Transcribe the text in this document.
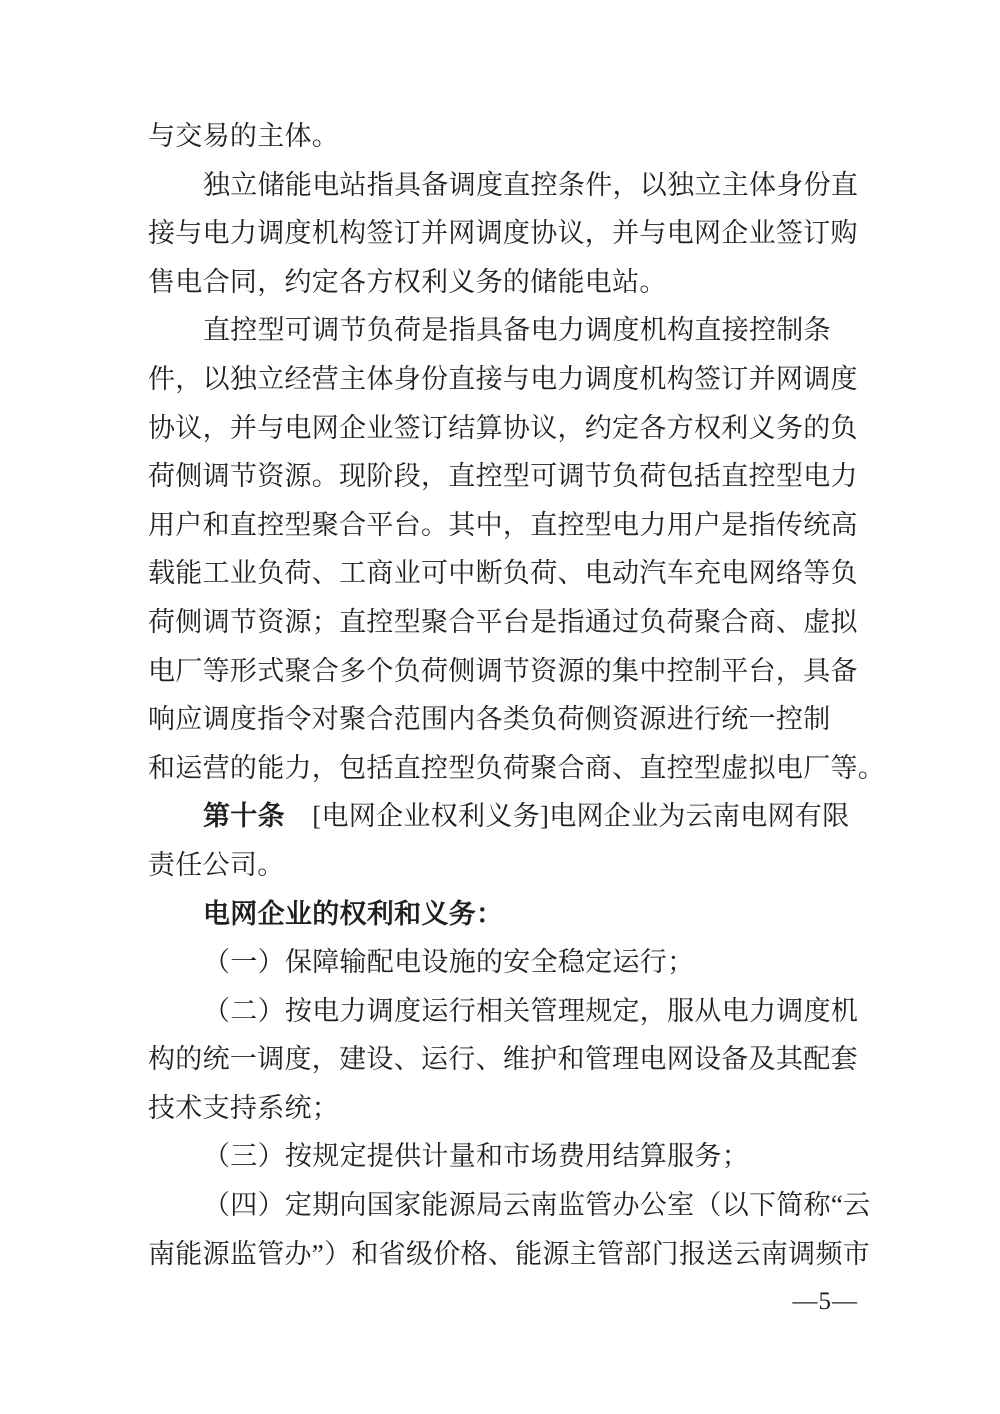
与交易的主体。
独立储能电站指具备调度直控条件，以独立主体身份直
接与电力调度机构签订并网调度协议，并与电网企业签订购
售电合同，约定各方权利义务的储能电站。
直控型可调节负荷是指具备电力调度机构直接控制条
件，以独立经营主体身份直接与电力调度机构签订并网调度
协议，并与电网企业签订结算协议，约定各方权利义务的负
荷侧调节资源。现阶段，直控型可调节负荷包括直控型电力
用户和直控型聚合平台。其中，直控型电力用户是指传统高
载能工业负荷、工商业可中断负荷、电动汽车充电网络等负
荷侧调节资源；直控型聚合平台是指通过负荷聚合商、虚拟
电厂等形式聚合多个负荷侧调节资源的集中控制平台，具备
响应调度指令对聚合范围内各类负荷侧资源进行统一控制
和运营的能力，包括直控型负荷聚合商、直控型虚拟电厂等。
第十条　[电网企业权利义务]电网企业为云南电网有限
责任公司。
电网企业的权利和义务：
（一）保障输配电设施的安全稳定运行；
（二）按电力调度运行相关管理规定，服从电力调度机
构的统一调度，建设、运行、维护和管理电网设备及其配套
技术支持系统；
（三）按规定提供计量和市场费用结算服务；
（四）定期向国家能源局云南监管办公室（以下简称“云
南能源监管办”）和省级价格、能源主管部门报送云南调频市
—5—
